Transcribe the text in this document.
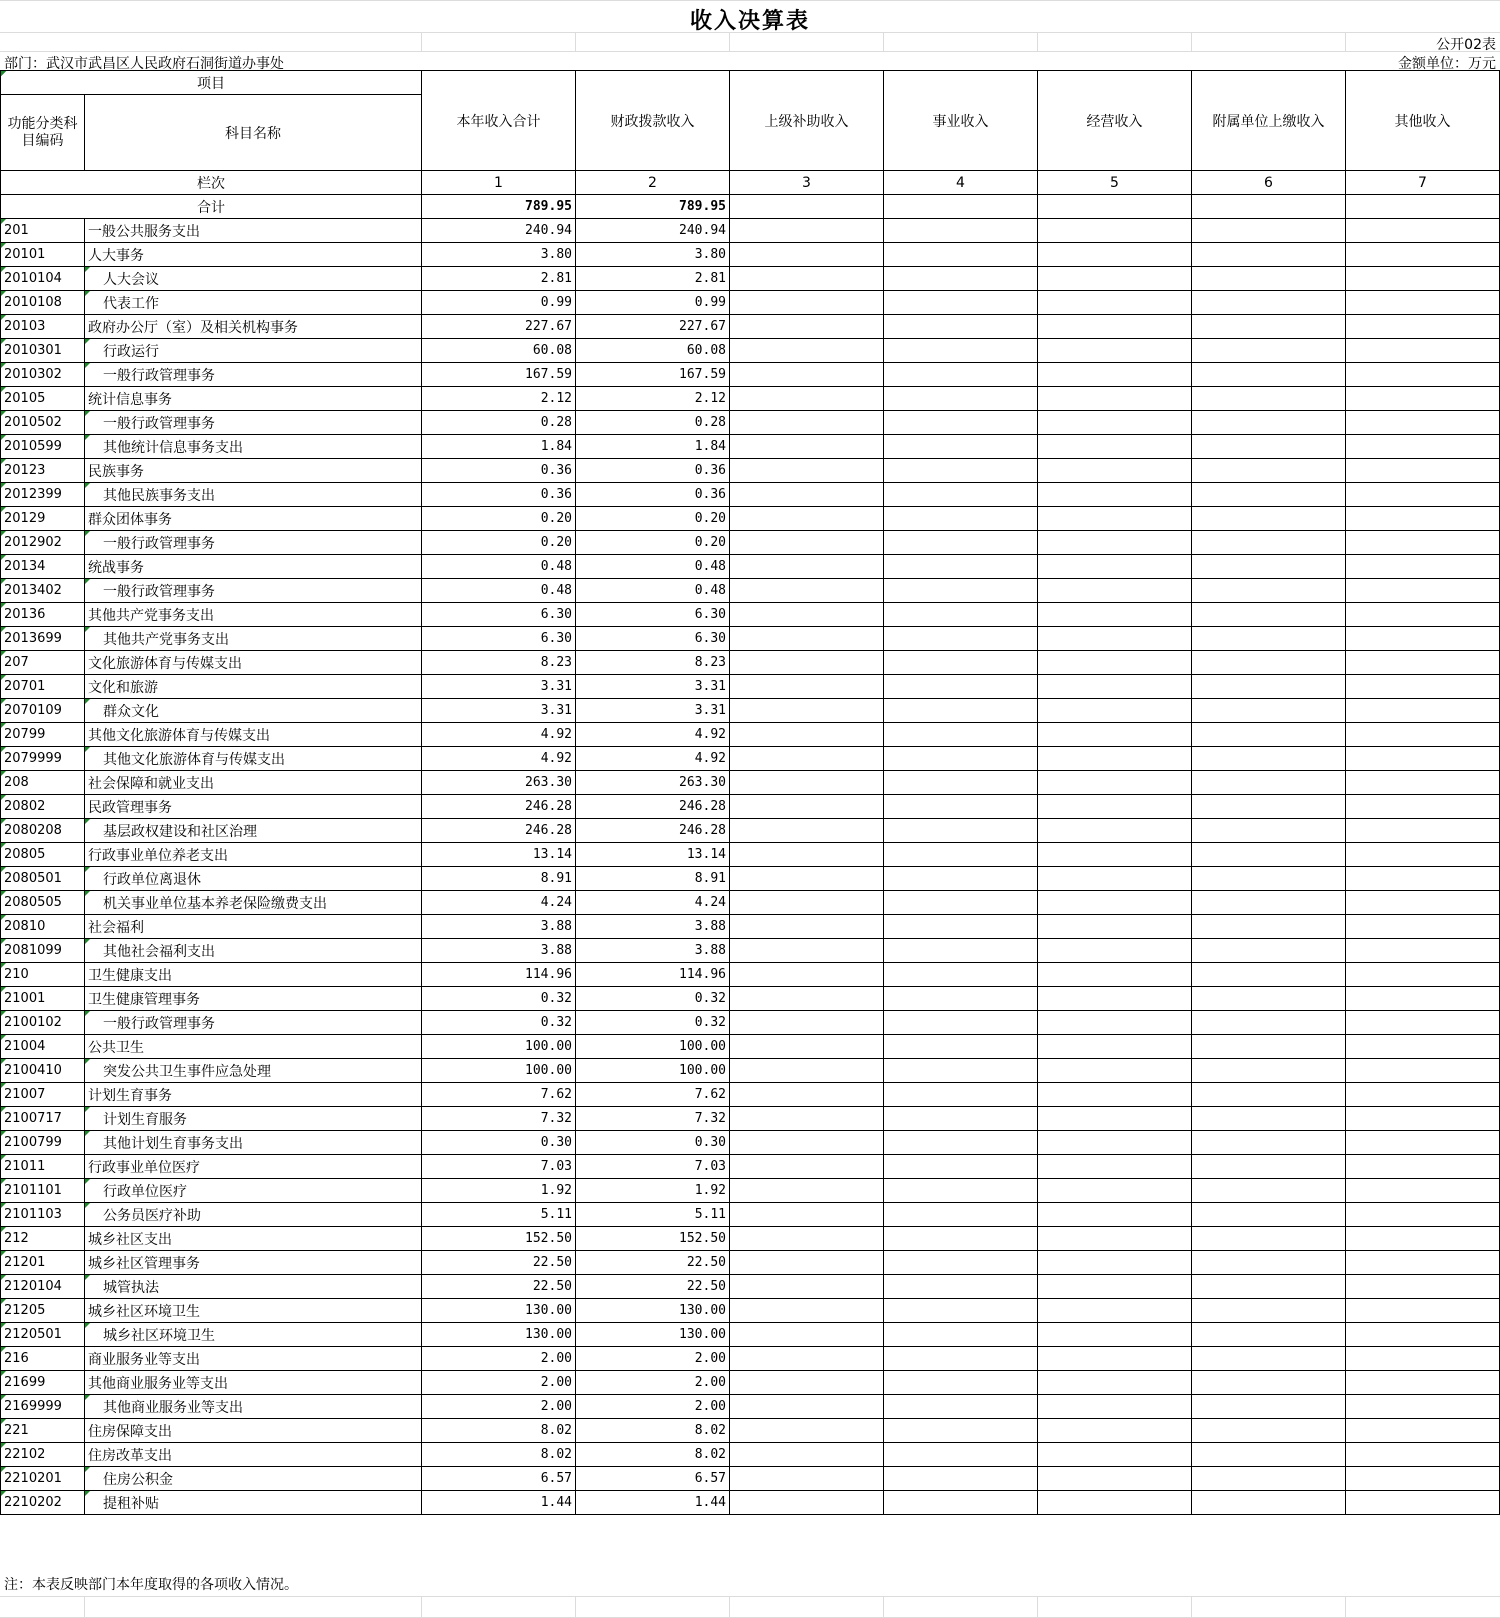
收入决算表
公开02表
部门：武汉市武昌区人民政府石洞街道办事处	金额单位：万元
项目		本年收入合计	财政拨款收入	上级补助收入	事业收入	经营收入	附属单位上缴收入	其他收入
功能分类科目编码	科目名称							
栏次		1	2	3	4	5	6	7
合计		789.95	789.95					
201	一般公共服务支出	240.94	240.94					
20101	人大事务	3.80	3.80					
2010104	人大会议	2.81	2.81					
2010108	代表工作	0.99	0.99					
20103	政府办公厅（室）及相关机构事务	227.67	227.67					
2010301	行政运行	60.08	60.08					
2010302	一般行政管理事务	167.59	167.59					
20105	统计信息事务	2.12	2.12					
2010502	一般行政管理事务	0.28	0.28					
2010599	其他统计信息事务支出	1.84	1.84					
20123	民族事务	0.36	0.36					
2012399	其他民族事务支出	0.36	0.36					
20129	群众团体事务	0.20	0.20					
2012902	一般行政管理事务	0.20	0.20					
20134	统战事务	0.48	0.48					
2013402	一般行政管理事务	0.48	0.48					
20136	其他共产党事务支出	6.30	6.30					
2013699	其他共产党事务支出	6.30	6.30					
207	文化旅游体育与传媒支出	8.23	8.23					
20701	文化和旅游	3.31	3.31					
2070109	群众文化	3.31	3.31					
20799	其他文化旅游体育与传媒支出	4.92	4.92					
2079999	其他文化旅游体育与传媒支出	4.92	4.92					
208	社会保障和就业支出	263.30	263.30					
20802	民政管理事务	246.28	246.28					
2080208	基层政权建设和社区治理	246.28	246.28					
20805	行政事业单位养老支出	13.14	13.14					
2080501	行政单位离退休	8.91	8.91					
2080505	机关事业单位基本养老保险缴费支出	4.24	4.24					
20810	社会福利	3.88	3.88					
2081099	其他社会福利支出	3.88	3.88					
210	卫生健康支出	114.96	114.96					
21001	卫生健康管理事务	0.32	0.32					
2100102	一般行政管理事务	0.32	0.32					
21004	公共卫生	100.00	100.00					
2100410	突发公共卫生事件应急处理	100.00	100.00					
21007	计划生育事务	7.62	7.62					
2100717	计划生育服务	7.32	7.32					
2100799	其他计划生育事务支出	0.30	0.30					
21011	行政事业单位医疗	7.03	7.03					
2101101	行政单位医疗	1.92	1.92					
2101103	公务员医疗补助	5.11	5.11					
212	城乡社区支出	152.50	152.50					
21201	城乡社区管理事务	22.50	22.50					
2120104	城管执法	22.50	22.50					
21205	城乡社区环境卫生	130.00	130.00					
2120501	城乡社区环境卫生	130.00	130.00					
216	商业服务业等支出	2.00	2.00					
21699	其他商业服务业等支出	2.00	2.00					
2169999	其他商业服务业等支出	2.00	2.00					
221	住房保障支出	8.02	8.02					
22102	住房改革支出	8.02	8.02					
2210201	住房公积金	6.57	6.57					
2210202	提租补贴	1.44	1.44					
注：本表反映部门本年度取得的各项收入情况。
